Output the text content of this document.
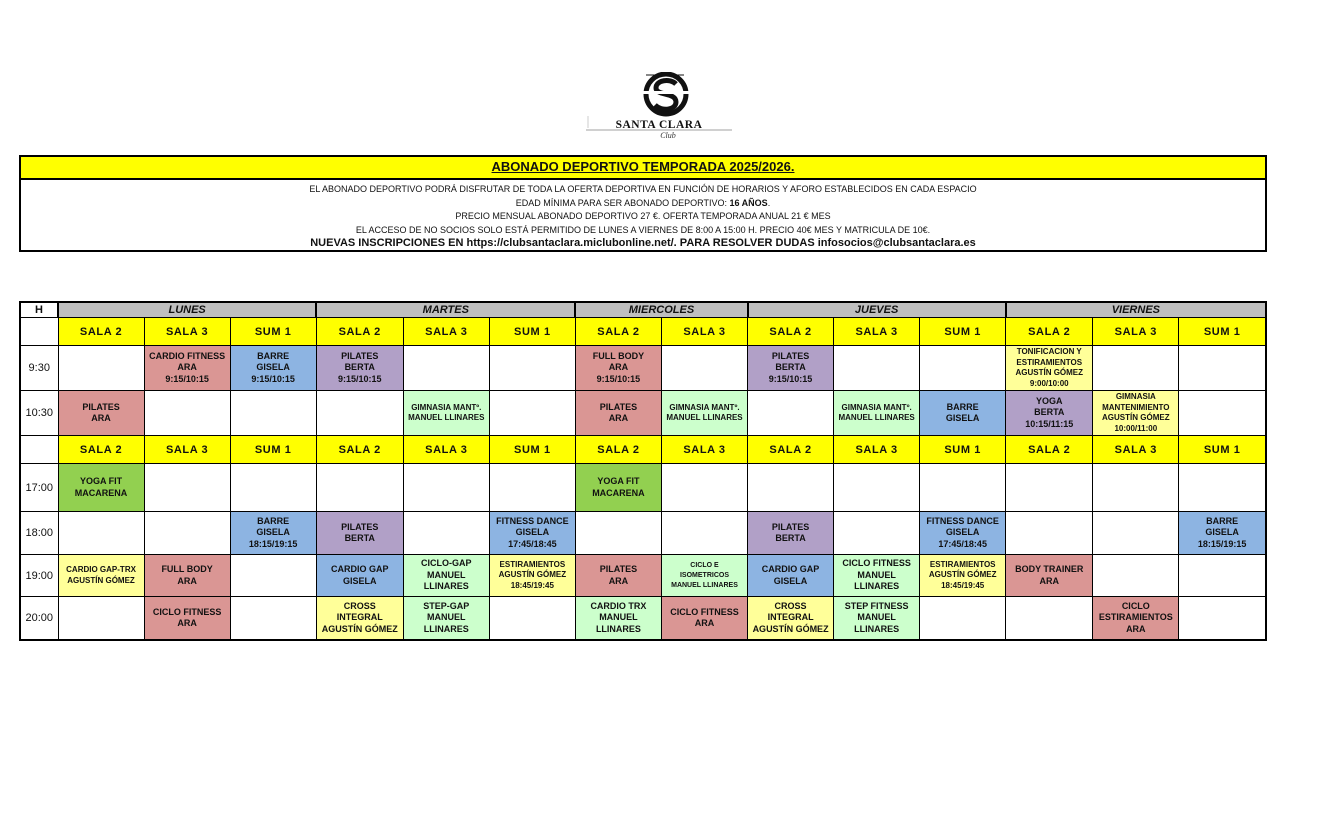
SANTA CLARA
Club
ABONADO DEPORTIVO TEMPORADA 2025/2026.
EL ABONADO DEPORTIVO PODRÁ DISFRUTAR DE TODA LA OFERTA DEPORTIVA EN FUNCIÓN DE HORARIOS Y AFORO ESTABLECIDOS EN CADA ESPACIO
EDAD MÍNIMA PARA SER ABONADO DEPORTIVO: 16 AÑOS.
PRECIO MENSUAL ABONADO DEPORTIVO 27 €. OFERTA TEMPORADA ANUAL 21 € MES
EL ACCESO DE NO SOCIOS SOLO ESTÁ PERMITIDO DE LUNES A VIERNES DE 8:00 A 15:00 H. PRECIO 40€ MES Y MATRICULA DE 10€.
NUEVAS INSCRIPCIONES EN https://clubsantaclara.miclubonline.net/. PARA RESOLVER DUDAS infosocios@clubsantaclara.es
H	LUNES			MARTES			MIERCOLES		JUEVES			VIERNES		
	SALA 2	SALA 3	SUM 1	SALA 2	SALA 3	SUM 1	SALA 2	SALA 3	SALA 2	SALA 3	SUM 1	SALA 2	SALA 3	SUM 1
9:30		CARDIO FITNESS
ARA
9:15/10:15	BARRE
GISELA
9:15/10:15	PILATES
BERTA
9:15/10:15			FULL BODY
ARA
9:15/10:15		PILATES
BERTA
9:15/10:15			TONIFICACION Y
ESTIRAMIENTOS
AGUSTÍN GÓMEZ
9:00/10:00		

10:30	PILATES
ARA				GIMNASIA MANTº.
MANUEL LLINARES		PILATES
ARA	GIMNASIA MANTº.
MANUEL LLINARES		GIMNASIA MANTº.
MANUEL LLINARES	BARRE
GISELA	YOGA
BERTA
10:15/11:15	GIMNASIA
MANTENIMIENTO
AGUSTÍN GÓMEZ
10:00/11:00	

	SALA 2	SALA 3	SUM 1	SALA 2	SALA 3	SUM 1	SALA 2	SALA 3	SALA 2	SALA 3	SUM 1	SALA 2	SALA 3	SUM 1
17:00	YOGA FIT
MACARENA						YOGA FIT
MACARENA							

18:00			BARRE
GISELA
18:15/19:15	PILATES
BERTA		FITNESS DANCE
GISELA
17:45/18:45			PILATES
BERTA		FITNESS DANCE
GISELA
17:45/18:45			BARRE
GISELA
18:15/19:15

19:00	CARDIO GAP-TRX
AGUSTÍN GÓMEZ	FULL BODY
ARA		CARDIO GAP
GISELA	CICLO-GAP
MANUEL
LLINARES	ESTIRAMIENTOS
AGUSTÍN GÓMEZ
18:45/19:45	PILATES
ARA	CICLO E
ISOMETRICOS
MANUEL LLINARES	CARDIO GAP
GISELA	CICLO FITNESS
MANUEL
LLINARES	ESTIRAMIENTOS
AGUSTÍN GÓMEZ
18:45/19:45	BODY TRAINER
ARA		

20:00		CICLO FITNESS
ARA		CROSS
INTEGRAL
AGUSTÍN GÓMEZ	STEP-GAP
MANUEL
LLINARES		CARDIO TRX
MANUEL
LLINARES	CICLO FITNESS
ARA	CROSS
INTEGRAL
AGUSTÍN GÓMEZ	STEP FITNESS
MANUEL
LLINARES			CICLO
ESTIRAMIENTOS
ARA	
